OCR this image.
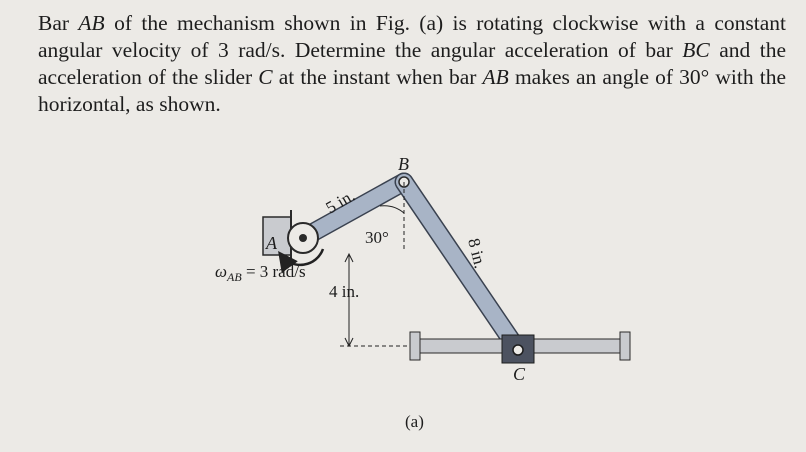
Bar AB of the mechanism shown in Fig. (a) is rotating clockwise with a constant angular velocity of 3 rad/s. Determine the angular acceleration of bar BC and the acceleration of the slider C at the instant when bar AB makes an angle of 30° with the horizontal, as shown.
A
B
30°
5 in.
8 in.
4 in.
$\omega_{AB} = 3$ rad/s
C
(a)
